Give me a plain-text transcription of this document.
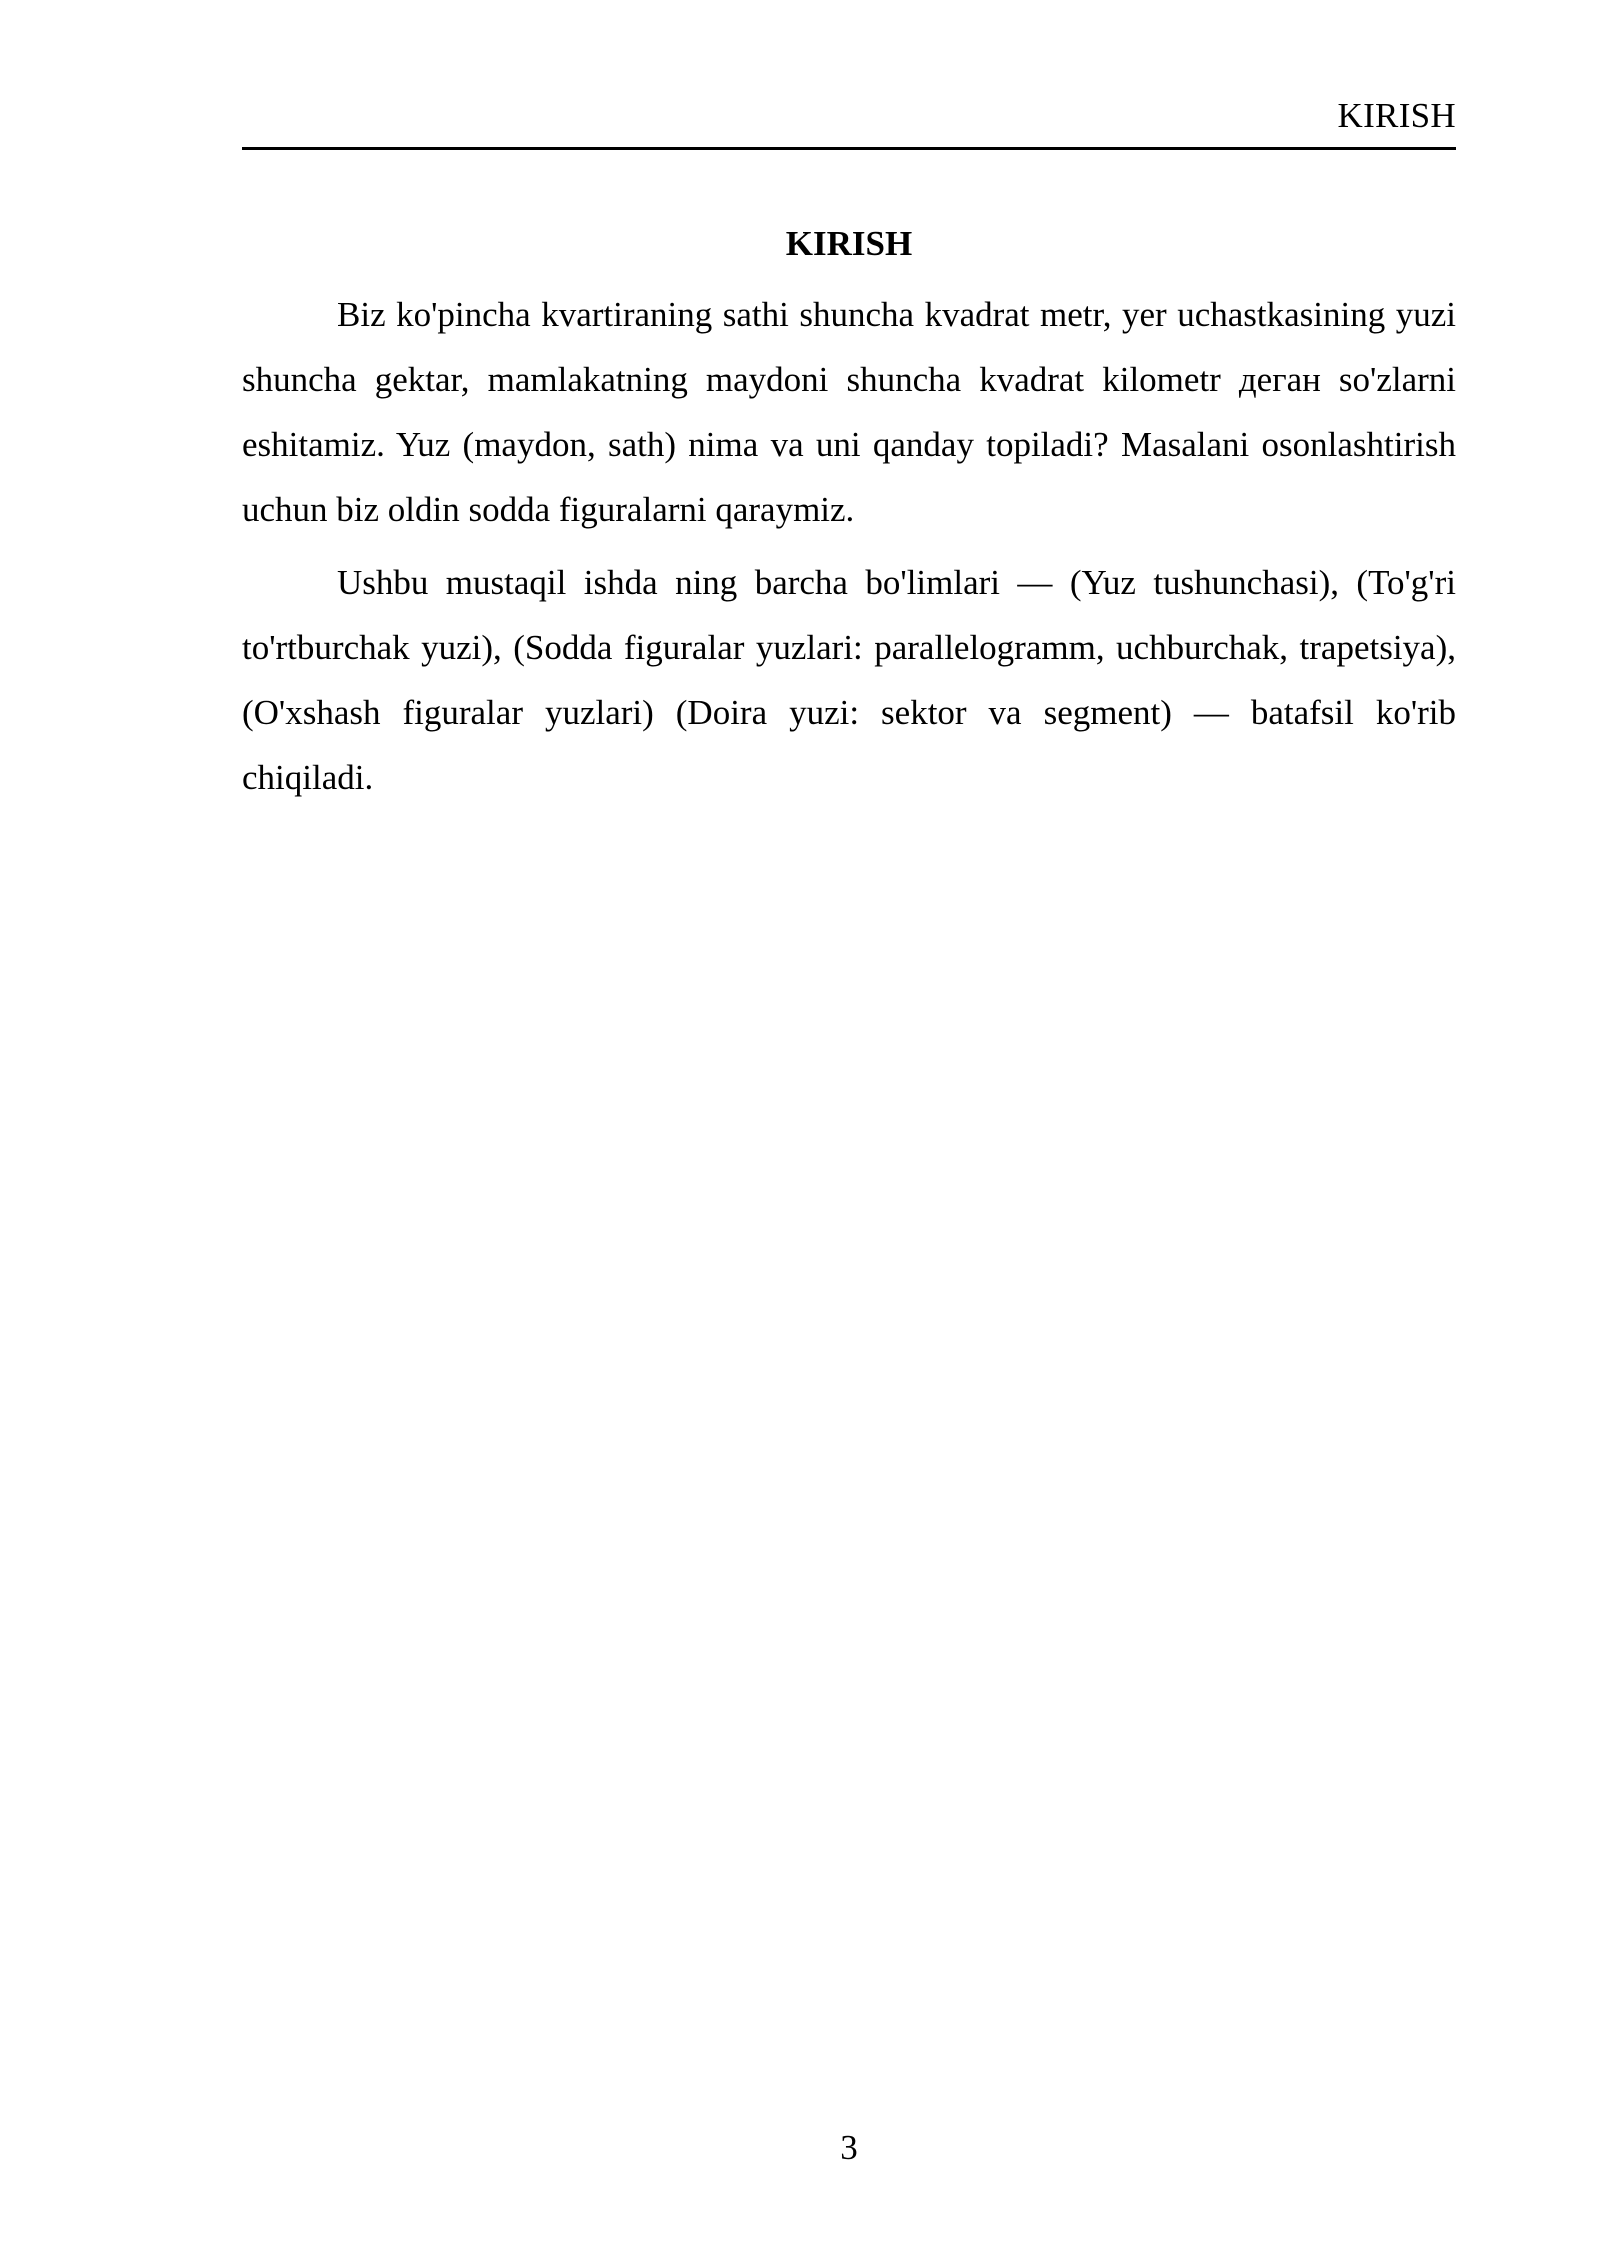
KIRISH
KIRISH

Biz ko'pincha kvartiraning sathi shuncha kvadrat metr, yer uchastkasining yuzi shuncha gektar, mamlakatning maydoni shuncha kvadrat kilometr деган so'zlarni eshitamiz. Yuz (maydon, sath) nima va uni qanday topiladi? Masalani osonlashtirish uchun biz oldin sodda figuralarni qaraymiz.

Ushbu mustaqil ishda ning barcha bo'limlari — (Yuz tushunchasi), (To'g'ri to'rtburchak yuzi), (Sodda figuralar yuzlari: parallelogramm, uchburchak, trapetsiya), (O'xshash figuralar yuzlari) (Doira yuzi: sektor va segment) — batafsil ko'rib chiqiladi.

3
